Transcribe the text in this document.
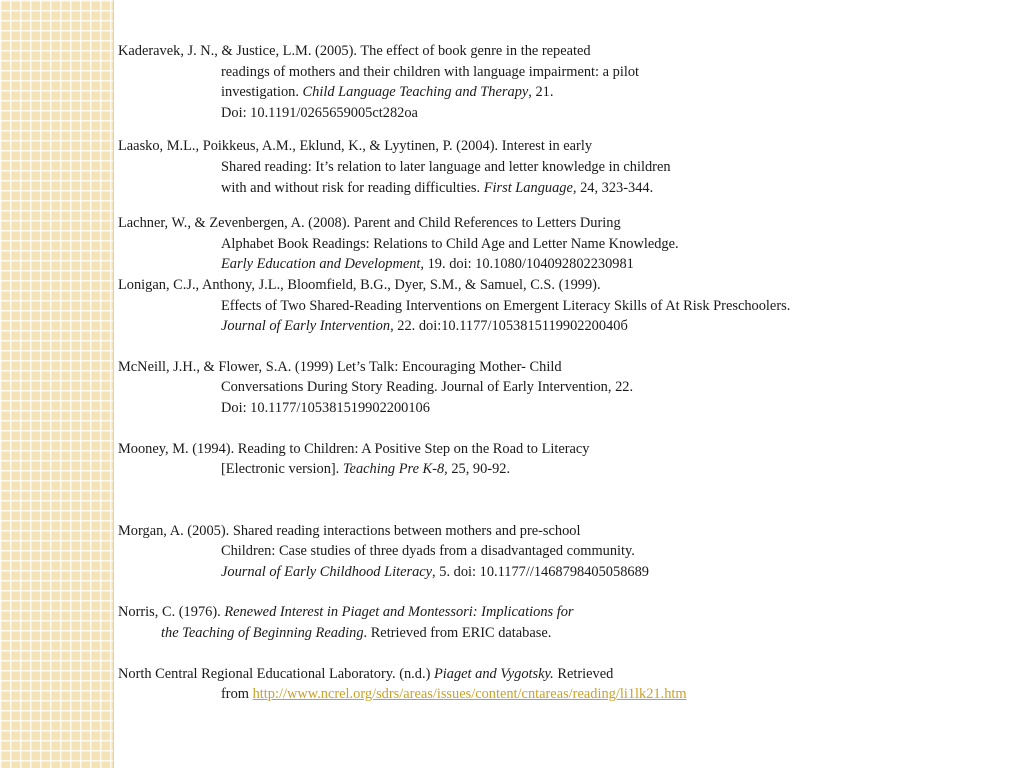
Kaderavek, J. N., & Justice, L.M. (2005). The effect of book genre in the repeated
readings of mothers and their children with language impairment: a pilot
investigation. Child Language Teaching and Therapy, 21.
Doi: 10.1191/0265659005ct282oa
Laasko, M.L., Poikkeus, A.M., Eklund, K., & Lyytinen, P. (2004). Interest in early
Shared reading: It’s relation to later language and letter knowledge in children
with and without risk for reading difficulties. First Language, 24, 323-344.
Lachner, W., & Zevenbergen, A. (2008). Parent and Child References to Letters During
Alphabet Book Readings: Relations to Child Age and Letter Name Knowledge.
Early Education and Development, 19. doi: 10.1080/104092802230981
Lonigan, C.J., Anthony, J.L., Bloomfield, B.G., Dyer, S.M., & Samuel, C.S. (1999).
Effects of Two Shared-Reading Interventions on Emergent Literacy Skills of At Risk Preschoolers.
Journal of Early Intervention, 22. doi:10.1177/105381511990220040б
McNeill, J.H., & Flower, S.A. (1999) Let’s Talk: Encouraging Mother- Child
Conversations During Story Reading. Journal of Early Intervention, 22.
Doi: 10.1177/105381519902200106
Mooney, M. (1994). Reading to Children: A Positive Step on the Road to Literacy
[Electronic version]. Teaching Pre K-8, 25, 90-92.
Morgan, A. (2005). Shared reading interactions between mothers and pre-school
Children: Case studies of three dyads from a disadvantaged community.
Journal of Early Childhood Literacy, 5. doi: 10.1177//1468798405058689
Norris, C. (1976). Renewed Interest in Piaget and Montessori: Implications for
the Teaching of Beginning Reading. Retrieved from ERIC database.
North Central Regional Educational Laboratory. (n.d.) Piaget and Vygotsky. Retrieved
from http://www.ncrel.org/sdrs/areas/issues/content/cntareas/reading/li1lk21.htm
